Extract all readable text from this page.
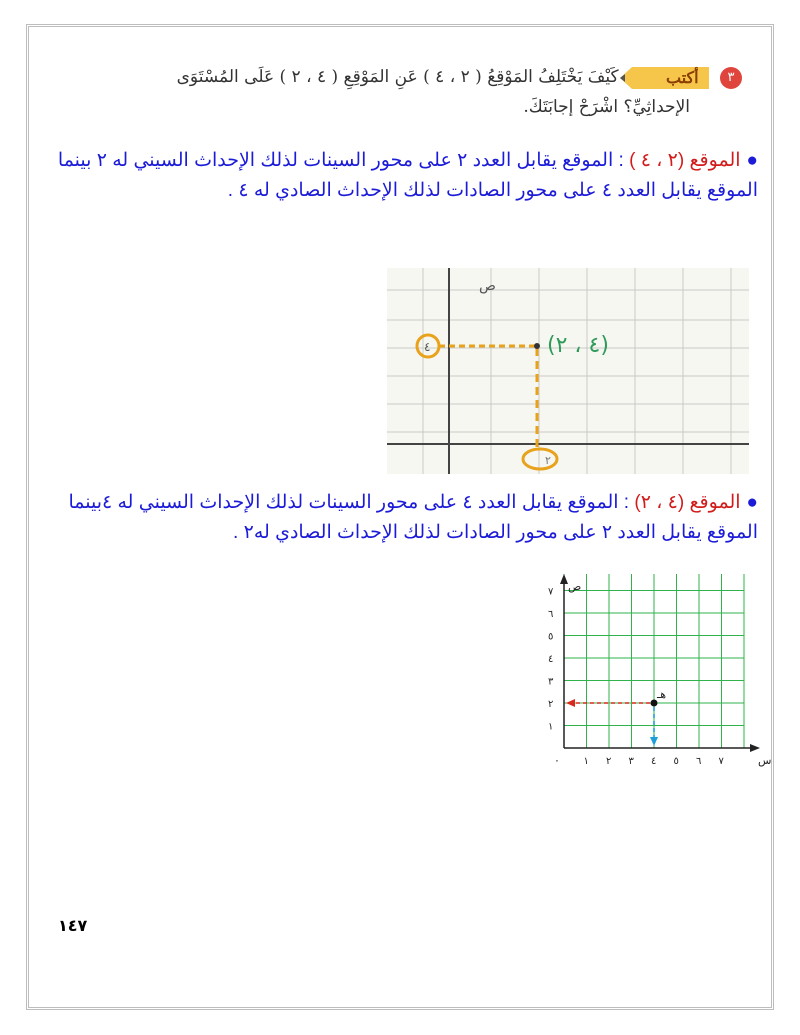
٣
أكتب كَيْفَ يَخْتَلِفُ المَوْقِعُ ( ٢ ، ٤ ) عَنِ المَوْقِعِ ( ٤ ، ٢ ) عَلَى المُسْتَوَى
الإحداثِيِّ؟ اشْرَحْ إجابَتَكَ.
●الموقع (٢ ، ٤ ) : الموقع يقابل العدد ٢ على محور السينات لذلك الإحداث السيني له ٢ بينما الموقع يقابل العدد ٤ على محور الصادات لذلك الإحداث الصادي له ٤ .
ص
٢
٤	(٤ ، ٢)
●الموقع (٤ ، ٢) : الموقع يقابل العدد ٤ على محور السينات لذلك الإحداث السيني له ٤بينما الموقع يقابل العدد ٢ على محور الصادات لذلك الإحداث الصادي له٢ .
ص
س
٠ ١ ٢ ٣ ٤ ٥ ٦ ٧
١
٢
٣
٤
٥
٦
٧
هـ
١٤٧
